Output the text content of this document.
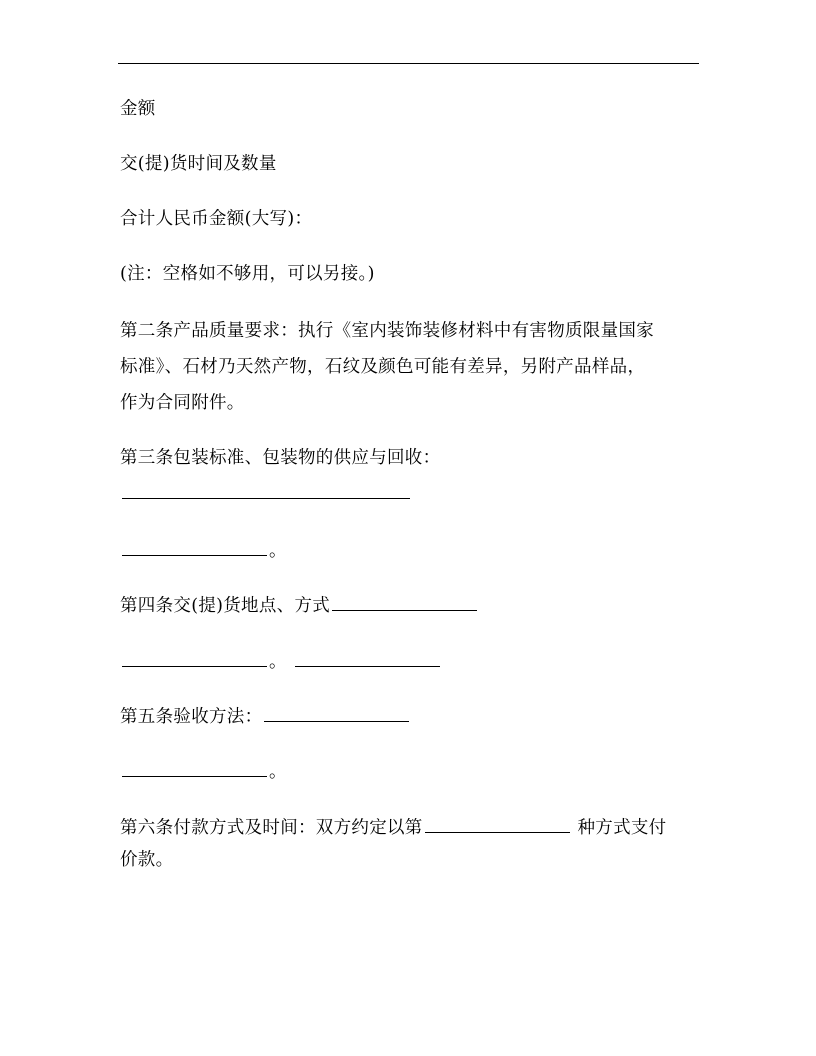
金额
交(提)货时间及数量
合计人民币金额(大写)：
(注：空格如不够用，可以另接。)
第二条产品质量要求：执行《室内装饰装修材料中有害物质限量国家
标准》、石材乃天然产物，石纹及颜色可能有差异，另附产品样品，
作为合同附件。
第三条包装标准、包装物的供应与回收：
。
第四条交(提)货地点、方式
。
第五条验收方法：
。
第六条付款方式及时间：双方约定以第	种方式支付
价款。
